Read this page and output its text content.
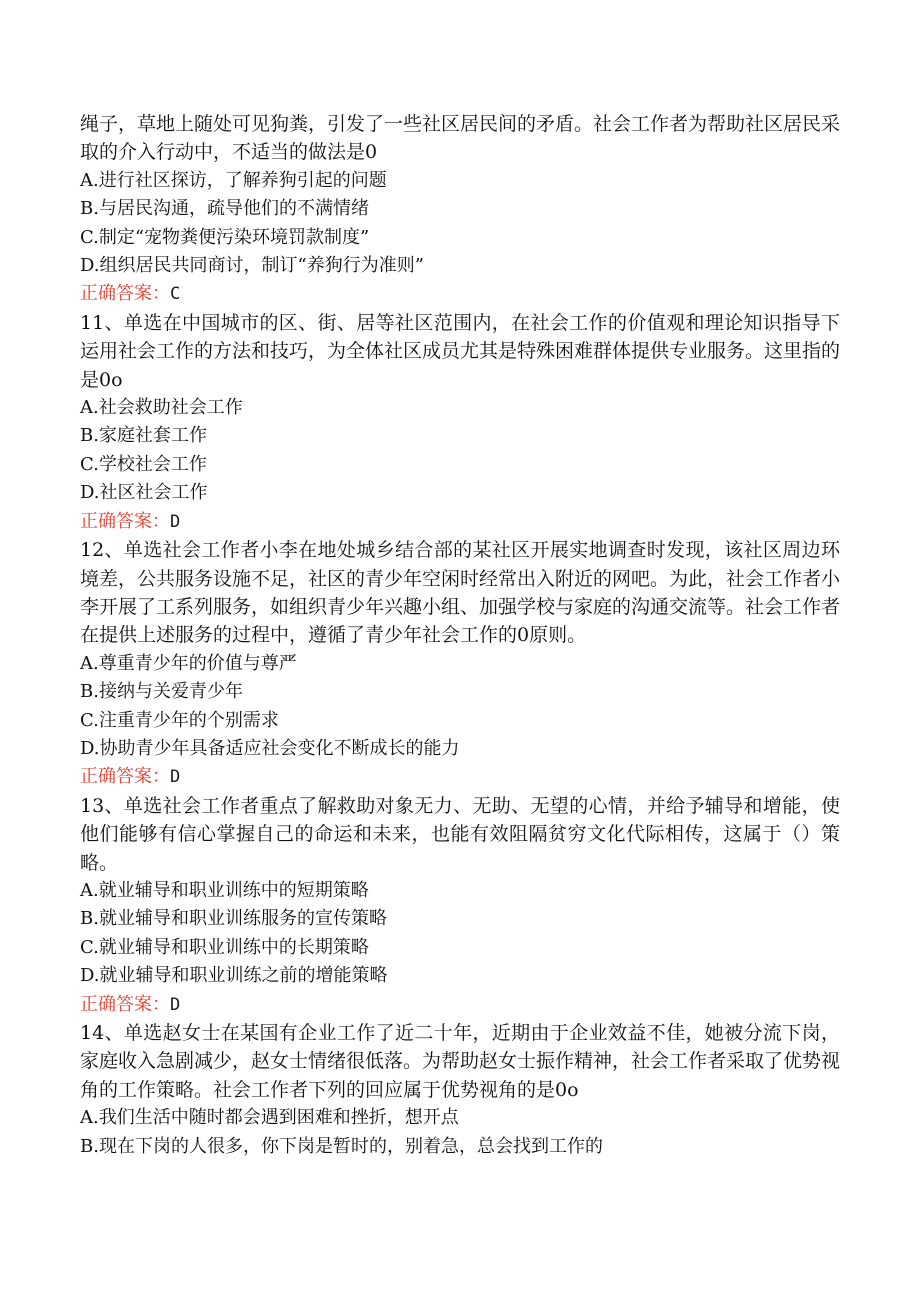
绳子，草地上随处可见狗粪，引发了一些社区居民间的矛盾。社会工作者为帮助社区居民采取的介入行动中，不适当的做法是0

A.进行社区探访，了解养狗引起的问题

B.与居民沟通，疏导他们的不满情绪

C.制定“宠物粪便污染环境罚款制度”

D.组织居民共同商讨，制订“养狗行为准则”

正确答案：C

11、单选在中国城市的区、街、居等社区范围内，在社会工作的价值观和理论知识指导下运用社会工作的方法和技巧，为全体社区成员尤其是特殊困难群体提供专业服务。这里指的是0o

A.社会救助社会工作

B.家庭社套工作

C.学校社会工作

D.社区社会工作

正确答案：D

12、单选社会工作者小李在地处城乡结合部的某社区开展实地调查时发现，该社区周边环境差，公共服务设施不足，社区的青少年空闲时经常出入附近的网吧。为此，社会工作者小李开展了工系列服务，如组织青少年兴趣小组、加强学校与家庭的沟通交流等。社会工作者在提供上述服务的过程中，遵循了青少年社会工作的0原则。

A.尊重青少年的价值与尊严

B.接纳与关爱青少年

C.注重青少年的个别需求

D.协助青少年具备适应社会变化不断成长的能力

正确答案：D

13、单选社会工作者重点了解救助对象无力、无助、无望的心情，并给予辅导和增能，使他们能够有信心掌握自己的命运和未来，也能有效阻隔贫穷文化代际相传，这属于（）策略。

A.就业辅导和职业训练中的短期策略

B.就业辅导和职业训练服务的宣传策略

C.就业辅导和职业训练中的长期策略

D.就业辅导和职业训练之前的增能策略

正确答案：D

14、单选赵女士在某国有企业工作了近二十年，近期由于企业效益不佳，她被分流下岗，家庭收入急剧减少，赵女士情绪很低落。为帮助赵女士振作精神，社会工作者采取了优势视角的工作策略。社会工作者下列的回应属于优势视角的是0o

A.我们生活中随时都会遇到困难和挫折，想开点

B.现在下岗的人很多，你下岗是暂时的，别着急，总会找到工作的
